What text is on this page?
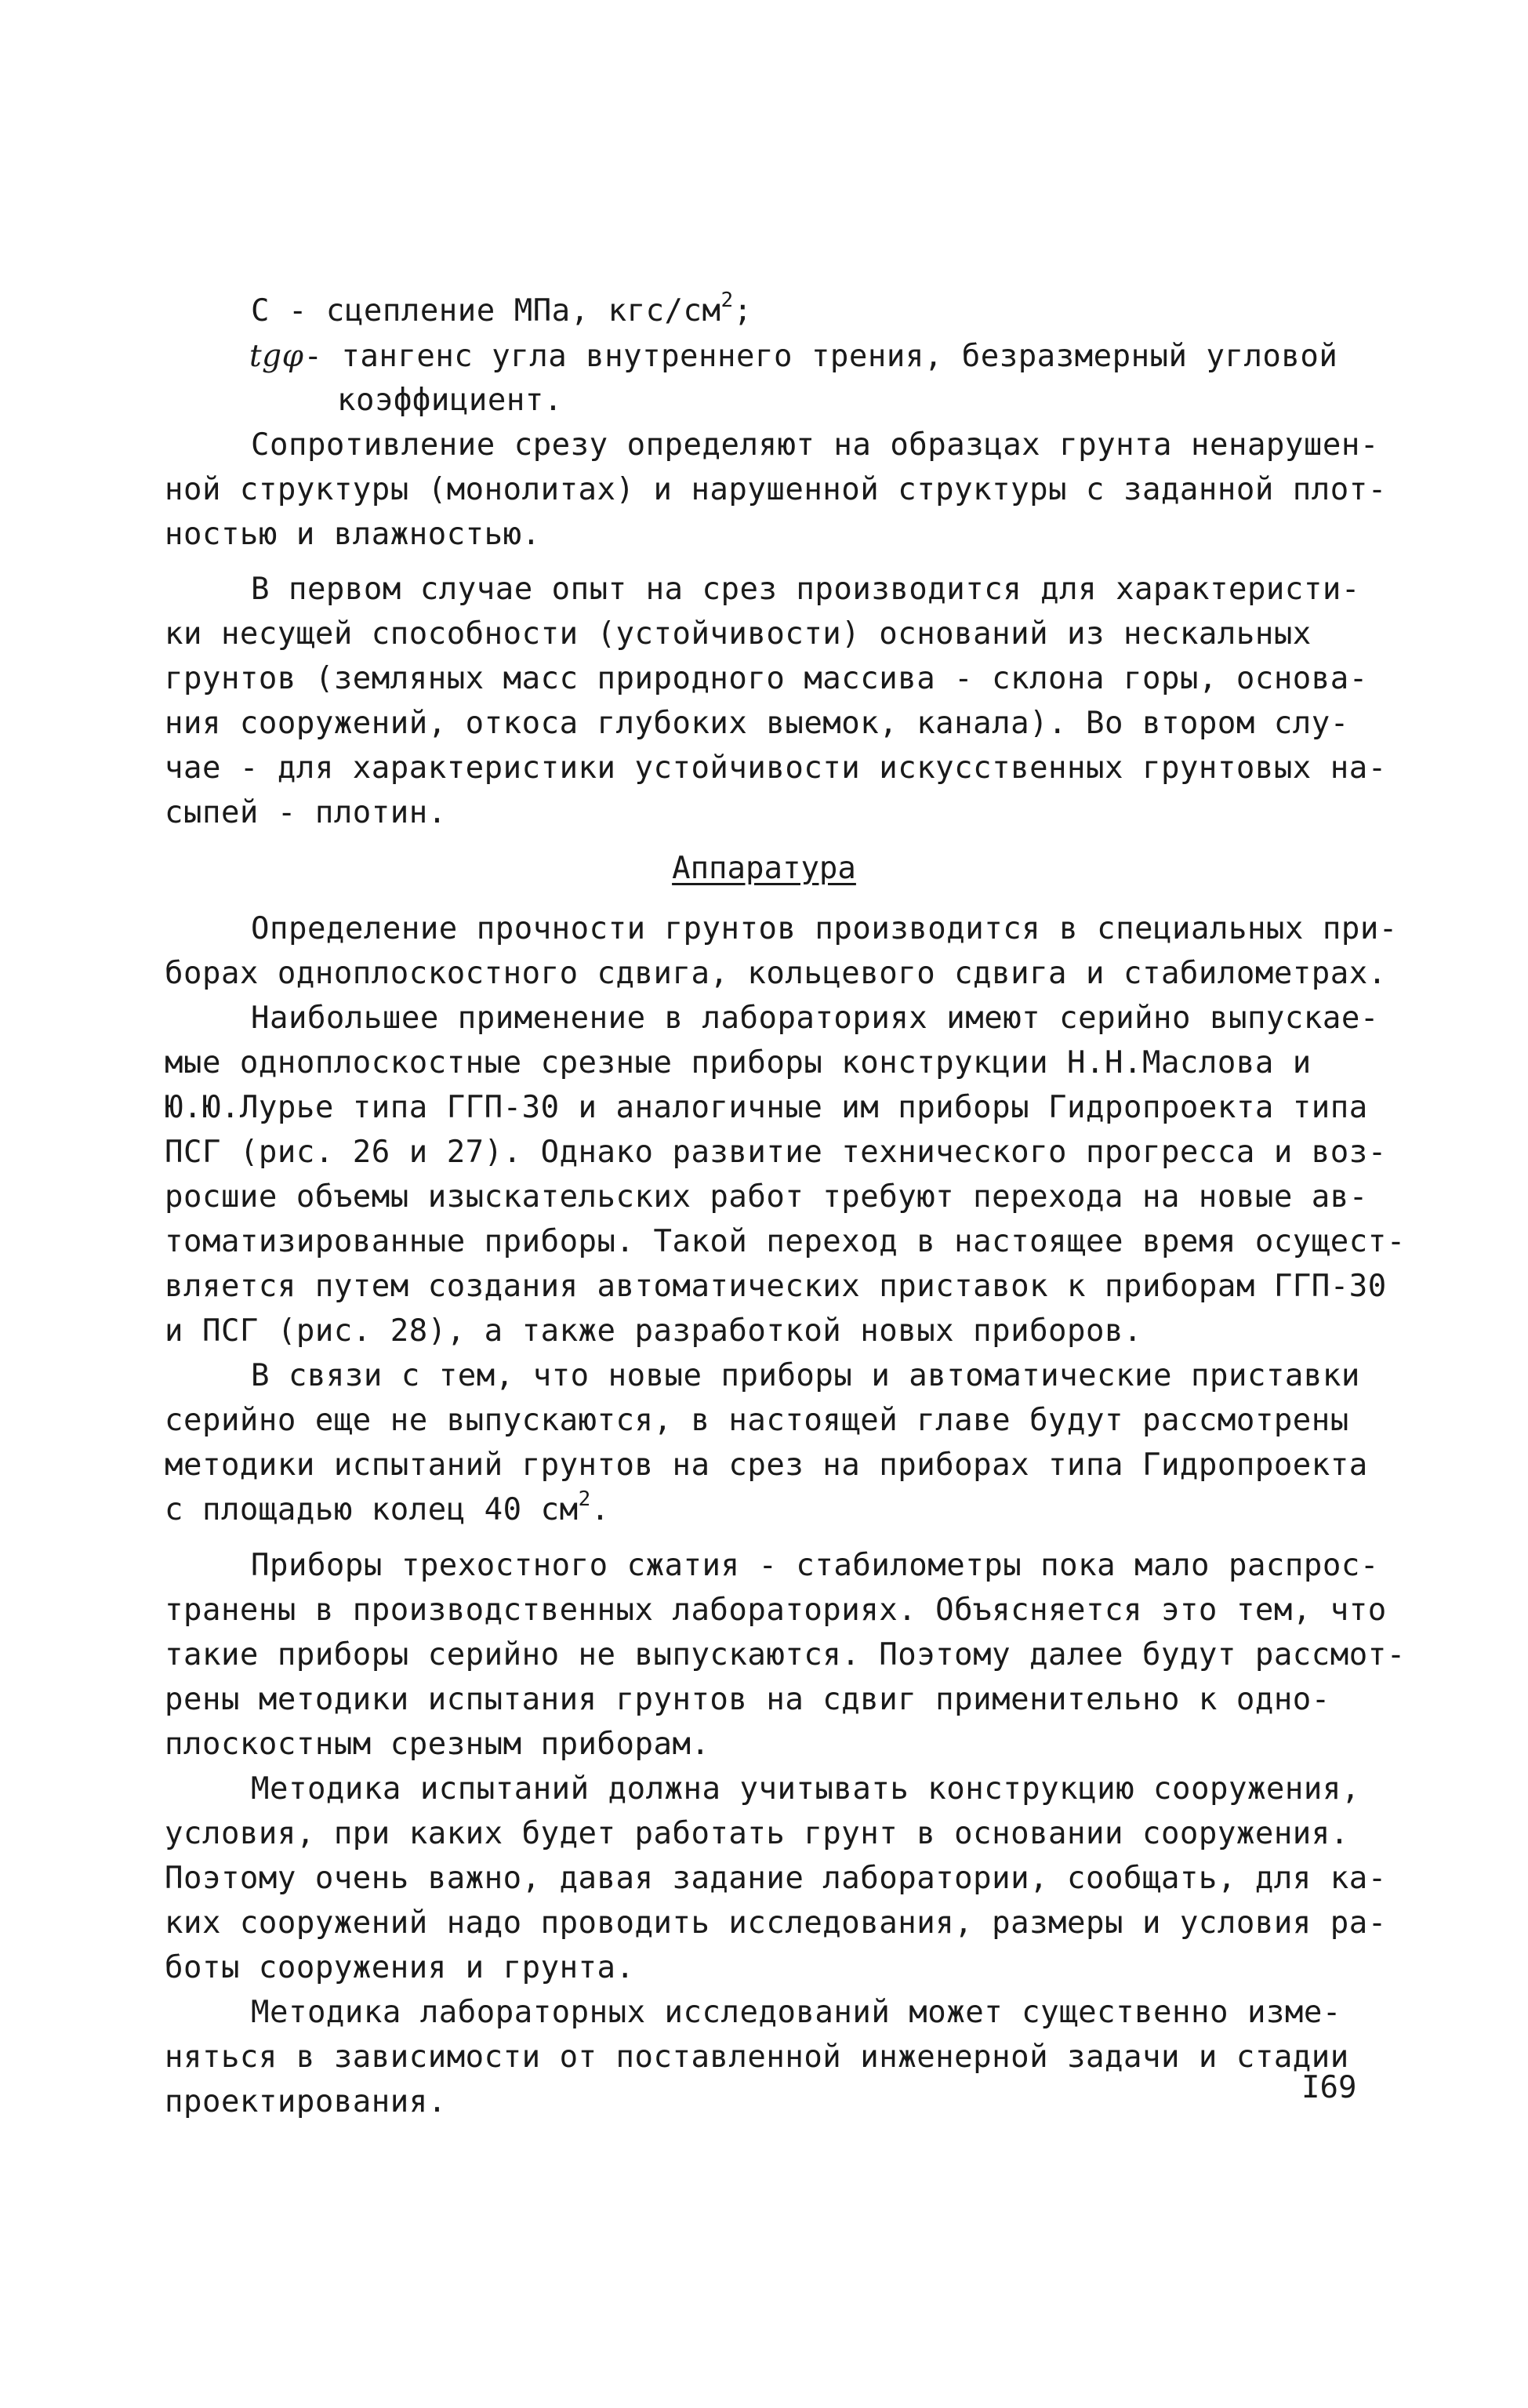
С - сцепление МПа, кгс/$см^2$;
tgφ- тангенс угла внутреннего трения, безразмерный угловой
коэффициент.
Сопротивление срезу определяют на образцах грунта ненарушен-
ной структуры (монолитах) и нарушенной структуры с заданной плот-
ностью и влажностью.
В первом случае опыт на срез производится для характеристи-
ки несущей способности (устойчивости) оснований из нескальных
грунтов (земляных масс природного массива - склона горы, основа-
ния сооружений, откоса глубоких выемок, канала). Во втором слу-
чае - для характеристики устойчивости искусственных грунтовых на-
сыпей - плотин.
Аппаратура
Определение прочности грунтов производится в специальных при-
борах одноплоскостного сдвига, кольцевого сдвига и стабилометрах.
Наибольшее применение в лабораториях имеют серийно выпускае-
мые одноплоскостные срезные приборы конструкции Н.Н.Маслова и
Ю.Ю.Лурье типа ГГП-30 и аналогичные им приборы Гидропроекта типа
ПСГ (рис. 26 и 27). Однако развитие технического прогресса и воз-
росшие объемы изыскательских работ требуют перехода на новые ав-
томатизированные приборы. Такой переход в настоящее время осущест-
вляется путем создания автоматических приставок к приборам ГГП-30
и ПСГ (рис. 28), а также разработкой новых приборов.
В связи с тем, что новые приборы и автоматические приставки
серийно еще не выпускаются, в настоящей главе будут рассмотрены
методики испытаний грунтов на срез на приборах типа Гидропроекта
с площадью колец 40 $см^2$.
Приборы трехостного сжатия - стабилометры пока мало распрос-
транены в производственных лабораториях. Объясняется это тем, что
такие приборы серийно не выпускаются. Поэтому далее будут рассмот-
рены методики испытания грунтов на сдвиг применительно к одно-
плоскостным срезным приборам.
Методика испытаний должна учитывать конструкцию сооружения,
условия, при каких будет работать грунт в основании сооружения.
Поэтому очень важно, давая задание лаборатории, сообщать, для ка-
ких сооружений надо проводить исследования, размеры и условия ра-
боты сооружения и грунта.
Методика лабораторных исследований может существенно изме-
няться в зависимости от поставленной инженерной задачи и стадии
проектирования.	I69
